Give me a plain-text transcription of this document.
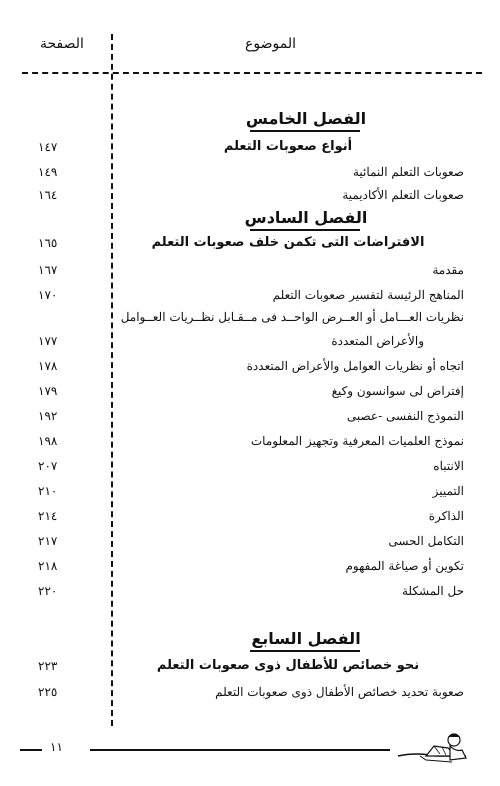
الموضوع
الصفحة
الفصل الخامس
أنواع صعوبات التعلم
١٤٧
صعوبات التعلم النمائية
١٤٩
صعوبات التعلم الأكاديمية
١٦٤
الفصل السادس
الافتراضات التى تكمن خلف صعوبات التعلم
١٦٥
مقدمة
١٦٧
المناهج الرئيسة لتفسير صعوبات التعلم
١٧٠
نظريات العـــامل أو العــرض الواحــد فى مــقـابل نظــريات العــوامل
والأعراض المتعددة
١٧٧
اتجاه أو نظريات العوامل والأعراض المتعددة
١٧٨
إفتراض لى سوانسون وكيغ
١٧٩
النموذج النفسى -عصبى
١٩٢
نموذج العلميات المعرفية وتجهيز المعلومات
١٩٨
الانتباه
٢٠٧
التمييز
٢١٠
الذاكرة
٢١٤
التكامل الحسى
٢١٧
تكوين أو صياغة المفهوم
٢١٨
حل المشكلة
٢٢٠
الفصل السابع
نحو خصائص للأطفال ذوى صعوبات التعلم
٢٢٣
صعوبة تحديد خصائص الأطفال ذوى صعوبات التعلم
٢٢٥
١١
